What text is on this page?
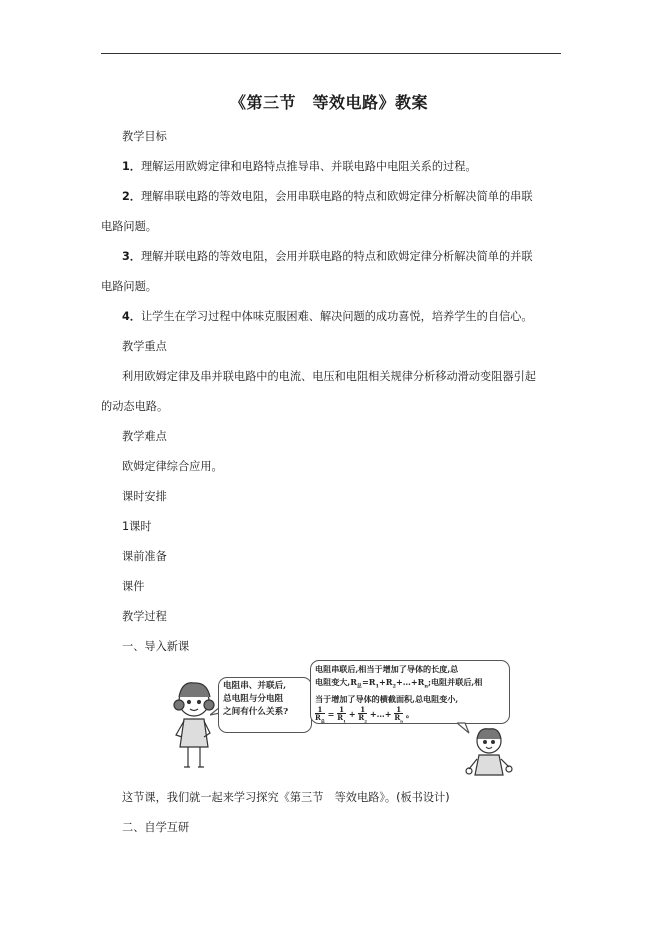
《第三节　等效电路》教案
教学目标
1．理解运用欧姆定律和电路特点推导串、并联电路中电阻关系的过程。
2．理解串联电路的等效电阻，会用串联电路的特点和欧姆定律分析解决简单的串联
电路问题。
3．理解并联电路的等效电阻，会用并联电路的特点和欧姆定律分析解决简单的并联
电路问题。
4．让学生在学习过程中体味克服困难、解决问题的成功喜悦，培养学生的自信心。
教学重点
利用欧姆定律及串并联电路中的电流、电压和电阻相关规律分析移动滑动变阻器引起
的动态电路。
教学难点
欧姆定律综合应用。
课时安排
1课时
课前准备
课件
教学过程
一、导入新课
电阻串、并联后,
总电阻与分电阻
之间有什么关系?
电阻串联后,相当于增加了导体的长度,总
电阻变大$,R_总=R_1+R_2+\dots+R_n$;电阻并联后,相
当于增加了导体的横截面积,总电阻变小,
$\frac{1}{R_总} = \frac{1}{R_1} + \frac{1}{R_2}$ +…+ $\frac{1}{R_n}$ 。
这节课，我们就一起来学习探究《第三节　等效电路》。(板书设计)
二、自学互研
